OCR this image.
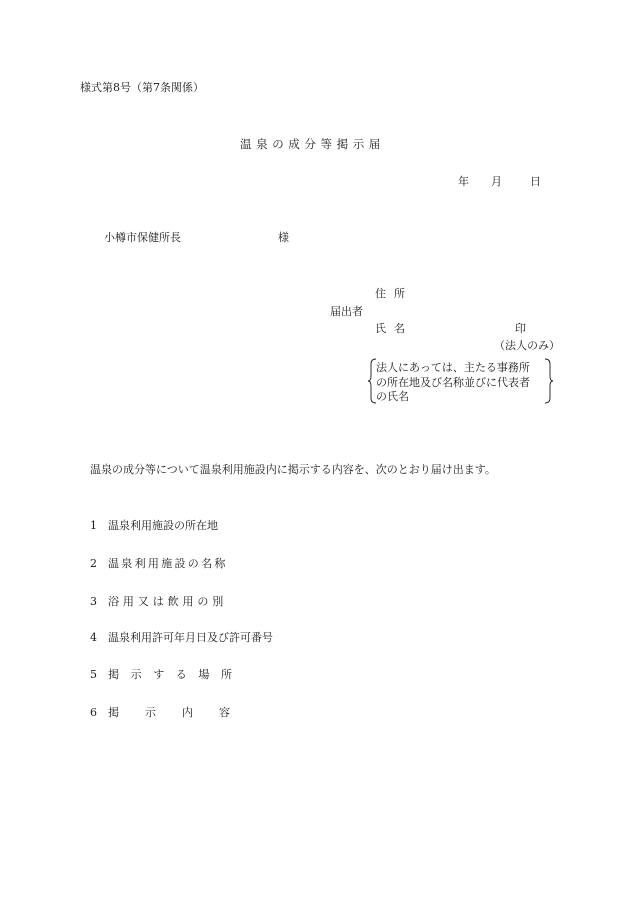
様式第8号（第7条関係）
温泉の成分等掲示届
年 月	日
小樽市保健所長	様
住所
届出者
氏名	印
（法人のみ）
法人にあっては、主たる事務所
の所在地及び名称並びに代表者
の氏名
温泉の成分等について温泉利用施設内に掲示する内容を、次のとおり届け出ます。
1 温泉利用施設の所在地
2 温泉利用施設の名称
3 浴用又は飲用の別
4 温泉利用許可年月日及び許可番号
5 掲示する場所
6 掲示内容
